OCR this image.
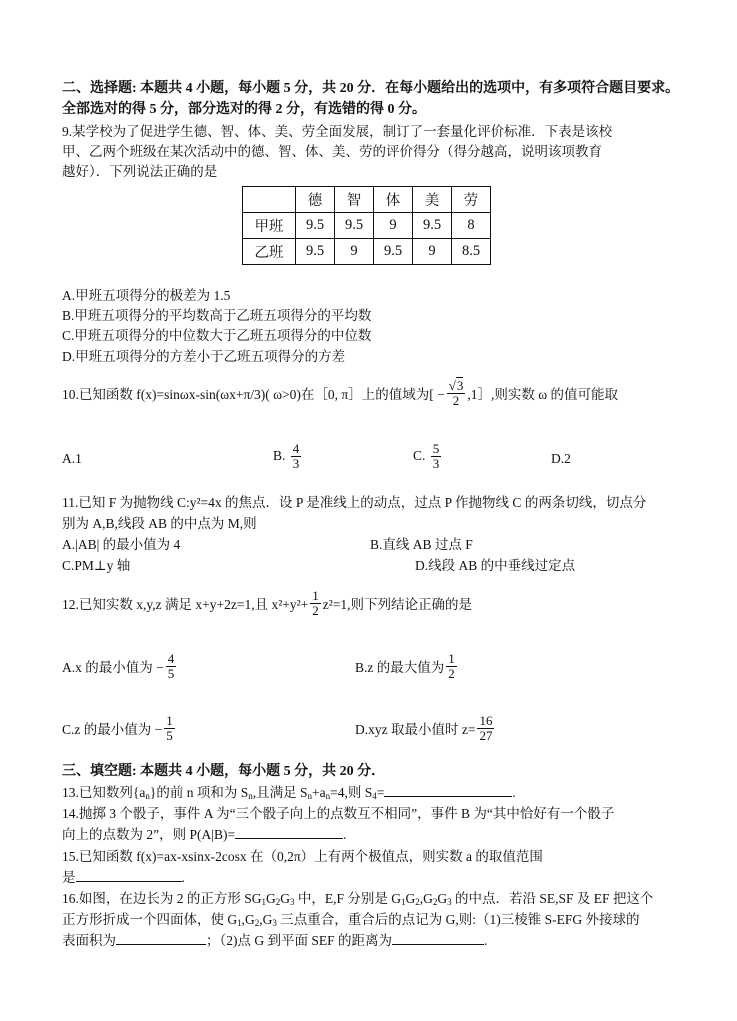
二、选择题: 本题共 4 小题，每小题 5 分，共 20 分．在每小题给出的选项中，有多项符合题目要求。
全部选对的得 5 分，部分选对的得 2 分，有选错的得 0 分。
9.某学校为了促进学生德、智、体、美、劳全面发展，制订了一套量化评价标准．下表是该校
甲、乙两个班级在某次活动中的德、智、体、美、劳的评价得分（得分越高，说明该项教育
越好）．下列说法正确的是
	德	智	体	美	劳
甲班	9.5	9.5	9	9.5	8
乙班	9.5	9	9.5	9	8.5
A.甲班五项得分的极差为 1.5
B.甲班五项得分的平均数高于乙班五项得分的平均数
C.甲班五项得分的中位数大于乙班五项得分的中位数
D.甲班五项得分的方差小于乙班五项得分的方差
10.已知函数 f(x)=sinωx-sin(ωx+π/3)( ω>0)在［0, π］上的值域为[ − $\frac{√3}{2}$ ,1］,则实数 ω 的值可能取
A.1	B.
$\frac{4}{3}$	C.
$\frac{5}{3}$	D.2
11.已知 F 为抛物线 C:y²=4x 的焦点．设 P 是准线上的动点，过点 P 作抛物线 C 的两条切线，切点分
别为 A,B,线段 AB 的中点为 M,则
A.|AB| 的最小值为 4	B.直线 AB 过点 F
C.PM⊥y 轴	D.线段 AB 的中垂线过定点
12.已知实数 x,y,z 满足 x+y+2z=1,且 $x^2+y^2+ \frac{1}{2} z^2=1$,则下列结论正确的是
A.x 的最小值为 − $\frac{4}{5}$	B.z 的最大值为 $\frac{1}{2}$
C.z 的最小值为 − $\frac{1}{5}$	D.xyz 取最小值时 $z= \frac{16}{27}$
三、填空题: 本题共 4 小题，每小题 5 分，共 20 分．
13.已知数列$\{a_n\}$的前 n 项和为 $S_n$,且满足 $S_n+a_n=4$,则 $S_4=$	.
14.抛掷 3 个骰子，事件 A 为“三个骰子向上的点数互不相同”，事件 B 为“其中恰好有一个骰子
向上的点数为 2”，则 P(A|B)=	.
15.已知函数 f(x)=ax-xsinx-2cosx 在（0,2π）上有两个极值点，则实数 a 的取值范围
是	.
16.如图，在边长为 2 的正方形 $SG_1G_2G_3$ 中，E,F 分别是 $G_1G_2,G_2G_3$ 的中点．若沿 SE,SF 及 EF 把这个
正方形折成一个四面体，使 $G_1,G_2,G_3$ 三点重合，重合后的点记为 G,则:（1)三棱锥 S-EFG 外接球的
表面积为	；（2)点 G 到平面 SEF 的距离为	.
